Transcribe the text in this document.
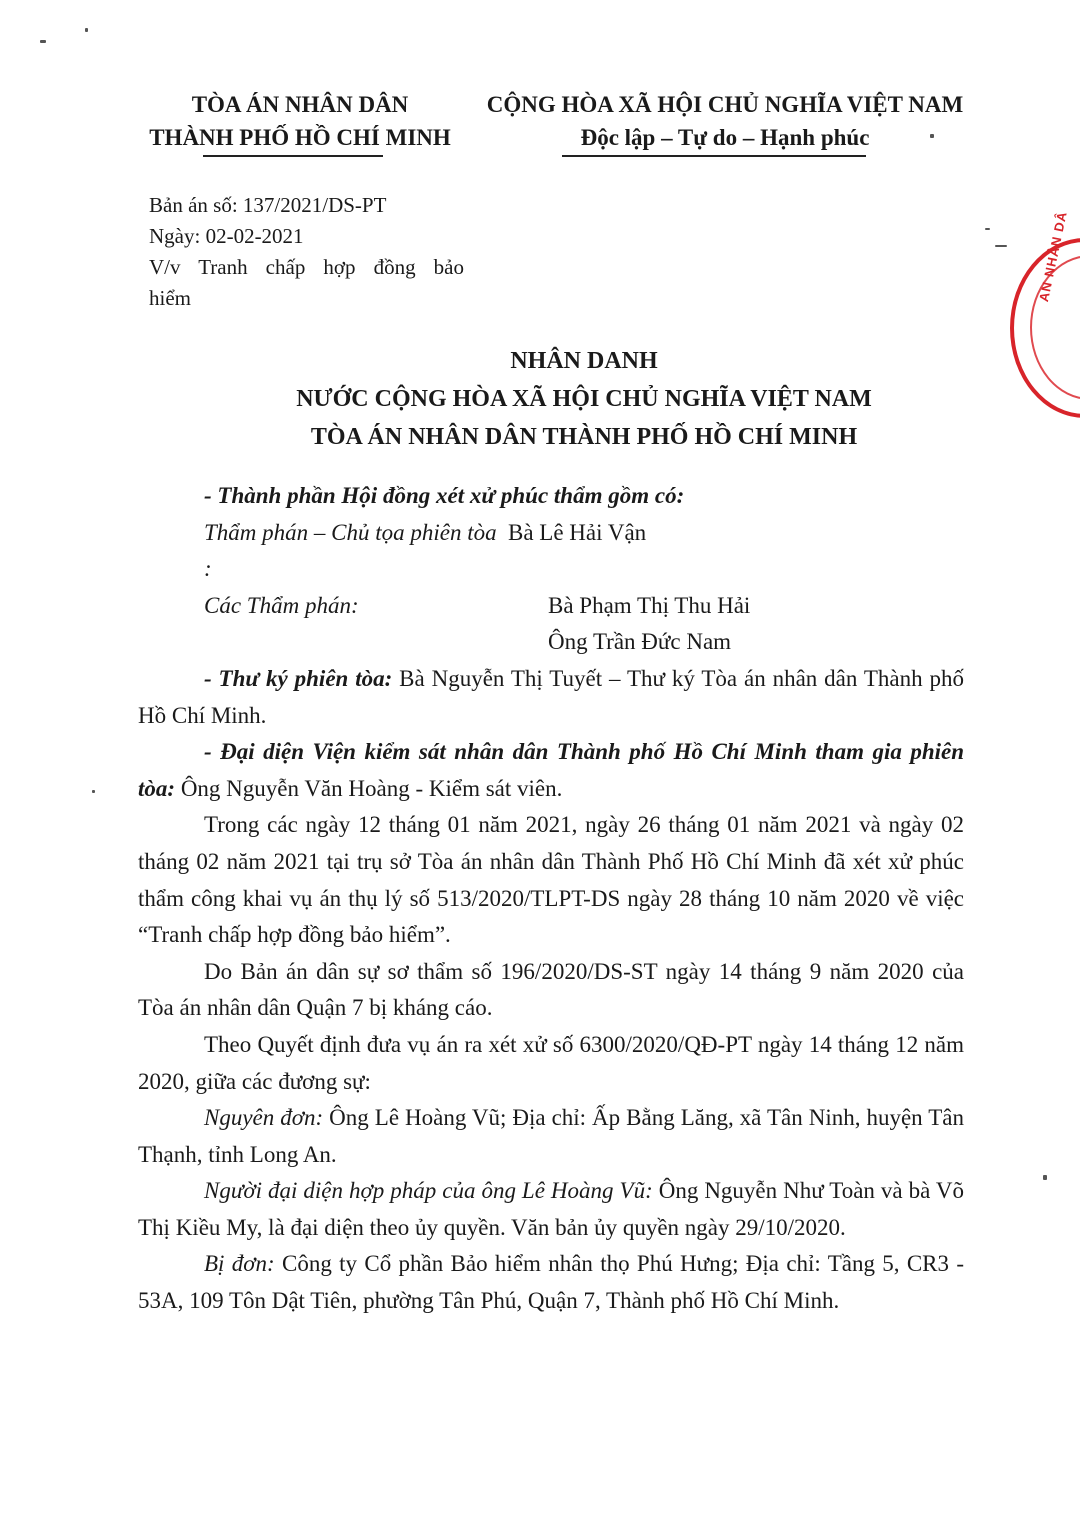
TÒA ÁN NHÂN DÂN
THÀNH PHỐ HỒ CHÍ MINH
CỘNG HÒA XÃ HỘI CHỦ NGHĨA VIỆT NAM
Độc lập – Tự do – Hạnh phúc
Bản án số: 137/2021/DS-PT
Ngày: 02-02-2021
V/v Tranh chấp hợp đồng bảo
hiểm	AN NHÂN DÂ
NHÂN DANH
NƯỚC CỘNG HÒA XÃ HỘI CHỦ NGHĨA VIỆT NAM
TÒA ÁN NHÂN DÂN THÀNH PHỐ HỒ CHÍ MINH

- Thành phần Hội đồng xét xử phúc thẩm gồm có:

Thẩm phán – Chủ tọa phiên tòa :
Bà Lê Hải Vận
Các Thẩm phán:	Bà Phạm Thị Thu Hải
Ông Trần Đức Nam

- Thư ký phiên tòa: Bà Nguyễn Thị Tuyết – Thư ký Tòa án nhân dân Thành phố Hồ Chí Minh.

- Đại diện Viện kiểm sát nhân dân Thành phố Hồ Chí Minh tham gia phiên tòa: Ông Nguyễn Văn Hoàng - Kiểm sát viên.

Trong các ngày 12 tháng 01 năm 2021, ngày 26 tháng 01 năm 2021 và ngày 02 tháng 02 năm 2021 tại trụ sở Tòa án nhân dân Thành Phố Hồ Chí Minh đã xét xử phúc thẩm công khai vụ án thụ lý số 513/2020/TLPT-DS ngày 28 tháng 10 năm 2020 về việc “Tranh chấp hợp đồng bảo hiểm”.

Do Bản án dân sự sơ thẩm số 196/2020/DS-ST ngày 14 tháng 9 năm 2020 của Tòa án nhân dân Quận 7 bị kháng cáo.

Theo Quyết định đưa vụ án ra xét xử số 6300/2020/QĐ-PT ngày 14 tháng 12 năm 2020, giữa các đương sự:

Nguyên đơn: Ông Lê Hoàng Vũ; Địa chỉ: Ấp Bằng Lăng, xã Tân Ninh, huyện Tân Thạnh, tỉnh Long An.

Người đại diện hợp pháp của ông Lê Hoàng Vũ: Ông Nguyễn Như Toàn và bà Võ Thị Kiều My, là đại diện theo ủy quyền. Văn bản ủy quyền ngày 29/10/2020.

Bị đơn: Công ty Cổ phần Bảo hiểm nhân thọ Phú Hưng; Địa chỉ: Tầng 5, CR3 - 53A, 109 Tôn Dật Tiên, phường Tân Phú, Quận 7, Thành phố Hồ Chí Minh.
